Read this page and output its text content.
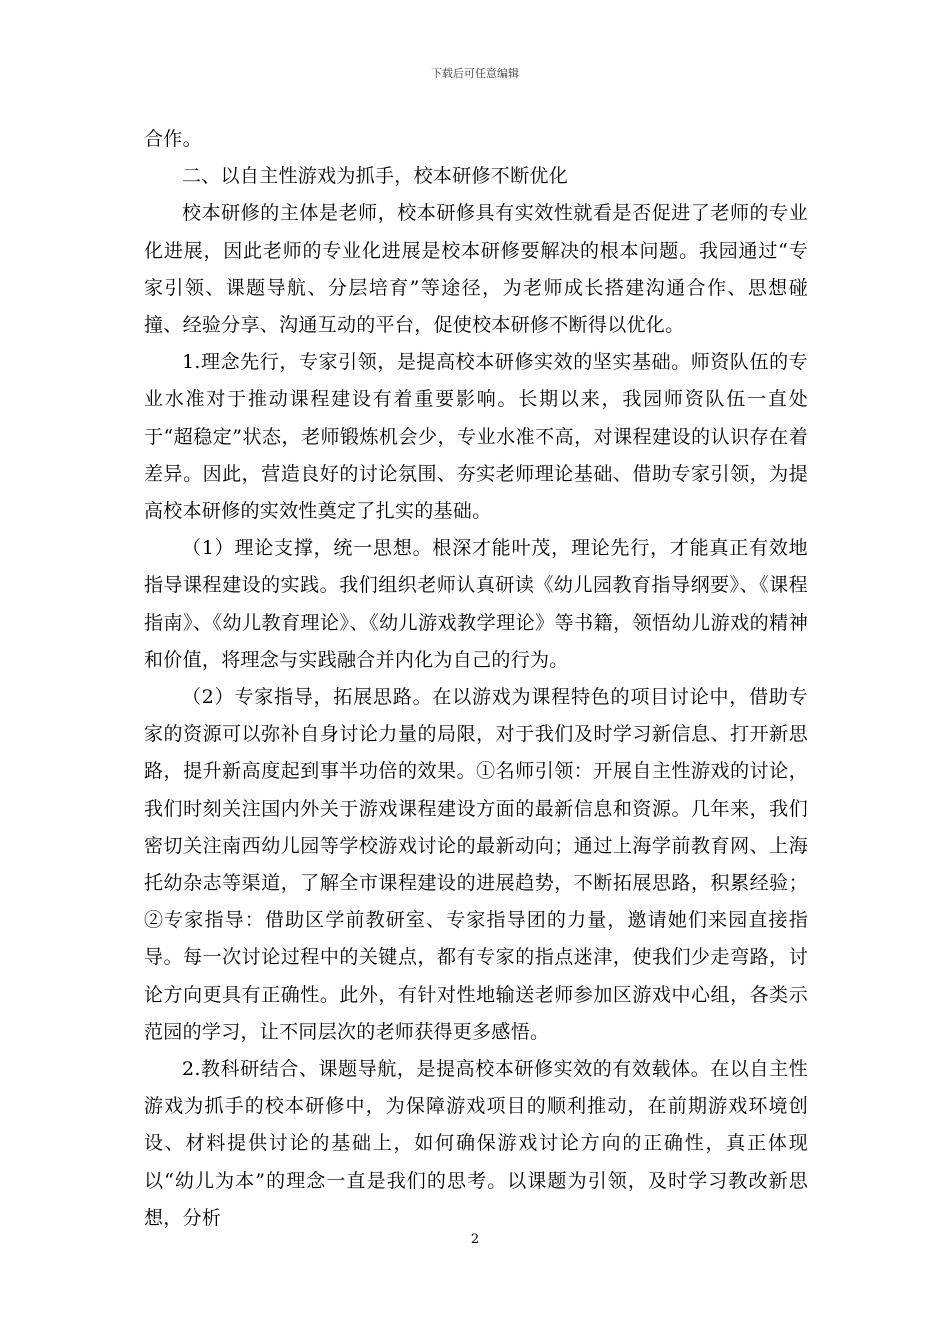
下载后可任意编辑

合作。

二、以自主性游戏为抓手，校本研修不断优化

校本研修的主体是老师，校本研修具有实效性就看是否促进了老师的专业化进展，因此老师的专业化进展是校本研修要解决的根本问题。我园通过“专家引领、课题导航、分层培育”等途径，为老师成长搭建沟通合作、思想碰撞、经验分享、沟通互动的平台，促使校本研修不断得以优化。

1.理念先行，专家引领，是提高校本研修实效的坚实基础。师资队伍的专业水准对于推动课程建设有着重要影响。长期以来，我园师资队伍一直处于“超稳定”状态，老师锻炼机会少，专业水准不高，对课程建设的认识存在着差异。因此，营造良好的讨论氛围、夯实老师理论基础、借助专家引领，为提高校本研修的实效性奠定了扎实的基础。

（1）理论支撑，统一思想。根深才能叶茂，理论先行，才能真正有效地指导课程建设的实践。我们组织老师认真研读《幼儿园教育指导纲要》、《课程指南》、《幼儿教育理论》、《幼儿游戏教学理论》等书籍，领悟幼儿游戏的精神和价值，将理念与实践融合并内化为自己的行为。

（2）专家指导，拓展思路。在以游戏为课程特色的项目讨论中，借助专家的资源可以弥补自身讨论力量的局限，对于我们及时学习新信息、打开新思路，提升新高度起到事半功倍的效果。①名师引领：开展自主性游戏的讨论，我们时刻关注国内外关于游戏课程建设方面的最新信息和资源。几年来，我们密切关注南西幼儿园等学校游戏讨论的最新动向；通过上海学前教育网、上海托幼杂志等渠道，了解全市课程建设的进展趋势，不断拓展思路，积累经验；②专家指导：借助区学前教研室、专家指导团的力量，邀请她们来园直接指导。每一次讨论过程中的关键点，都有专家的指点迷津，使我们少走弯路，讨论方向更具有正确性。此外，有针对性地输送老师参加区游戏中心组，各类示范园的学习，让不同层次的老师获得更多感悟。

2.教科研结合、课题导航，是提高校本研修实效的有效载体。在以自主性游戏为抓手的校本研修中，为保障游戏项目的顺利推动，在前期游戏环境创设、材料提供讨论的基础上，如何确保游戏讨论方向的正确性，真正体现以“幼儿为本”的理念一直是我们的思考。以课题为引领，及时学习教改新思想，分析

2
